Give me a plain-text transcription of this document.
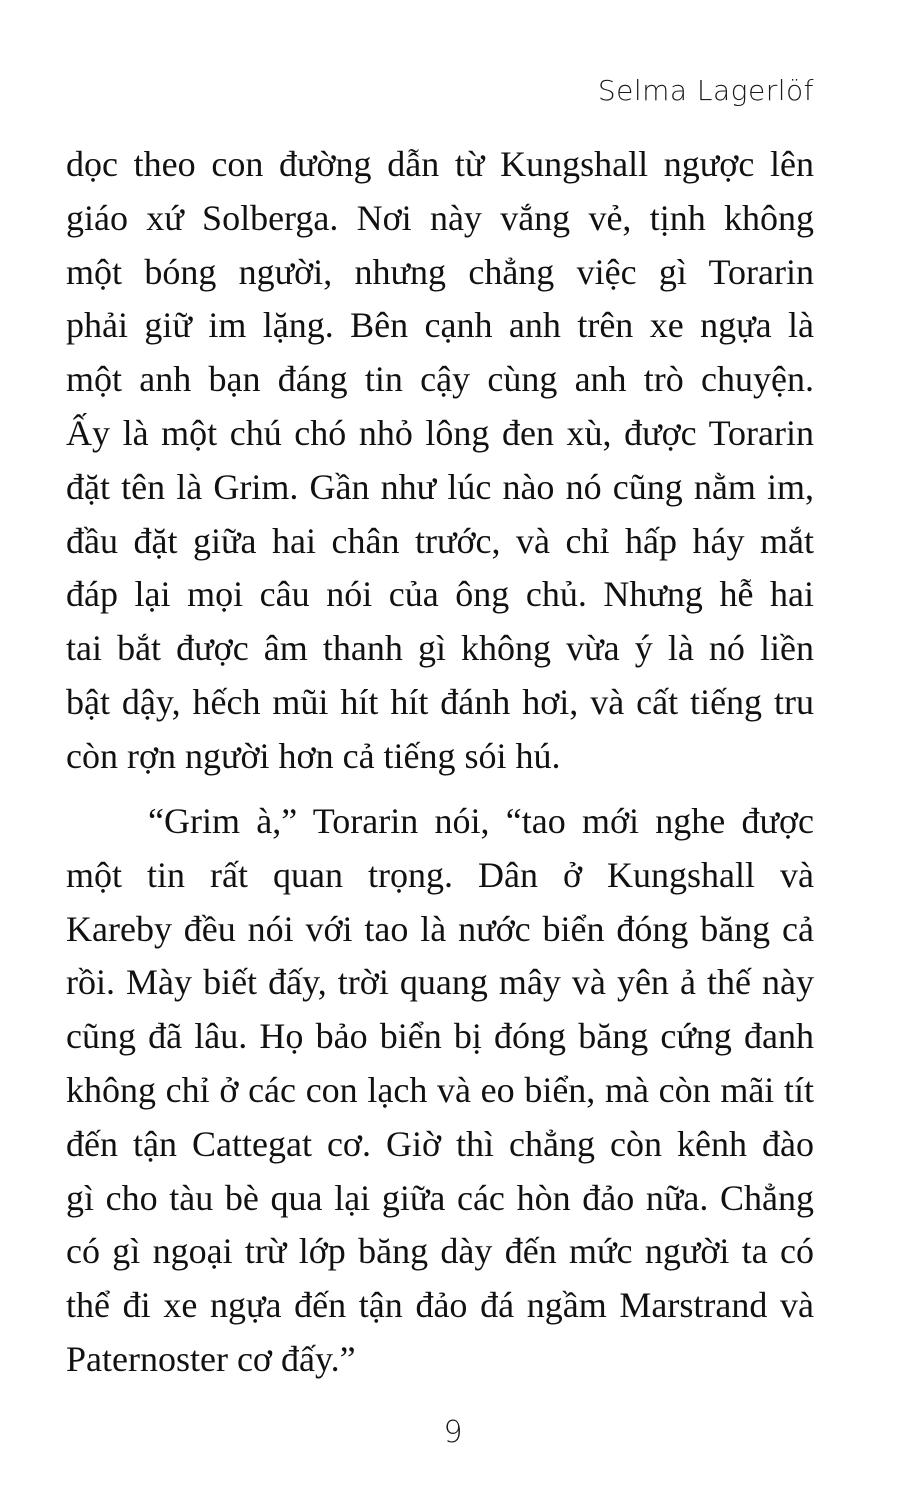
Selma Lagerlöf
dọc theo con đường dẫn từ Kungshall ngược lên
giáo xứ Solberga. Nơi này vắng vẻ, tịnh không
một bóng người, nhưng chẳng việc gì Torarin
phải giữ im lặng. Bên cạnh anh trên xe ngựa là
một anh bạn đáng tin cậy cùng anh trò chuyện.
Ấy là một chú chó nhỏ lông đen xù, được Torarin
đặt tên là Grim. Gần như lúc nào nó cũng nằm im,
đầu đặt giữa hai chân trước, và chỉ hấp háy mắt
đáp lại mọi câu nói của ông chủ. Nhưng hễ hai
tai bắt được âm thanh gì không vừa ý là nó liền
bật dậy, hếch mũi hít hít đánh hơi, và cất tiếng tru
còn rợn người hơn cả tiếng sói hú.
“Grim à,” Torarin nói, “tao mới nghe được
một tin rất quan trọng. Dân ở Kungshall và
Kareby đều nói với tao là nước biển đóng băng cả
rồi. Mày biết đấy, trời quang mây và yên ả thế này
cũng đã lâu. Họ bảo biển bị đóng băng cứng đanh
không chỉ ở các con lạch và eo biển, mà còn mãi tít
đến tận Cattegat cơ. Giờ thì chẳng còn kênh đào
gì cho tàu bè qua lại giữa các hòn đảo nữa. Chẳng
có gì ngoại trừ lớp băng dày đến mức người ta có
thể đi xe ngựa đến tận đảo đá ngầm Marstrand và
Paternoster cơ đấy.”
9
